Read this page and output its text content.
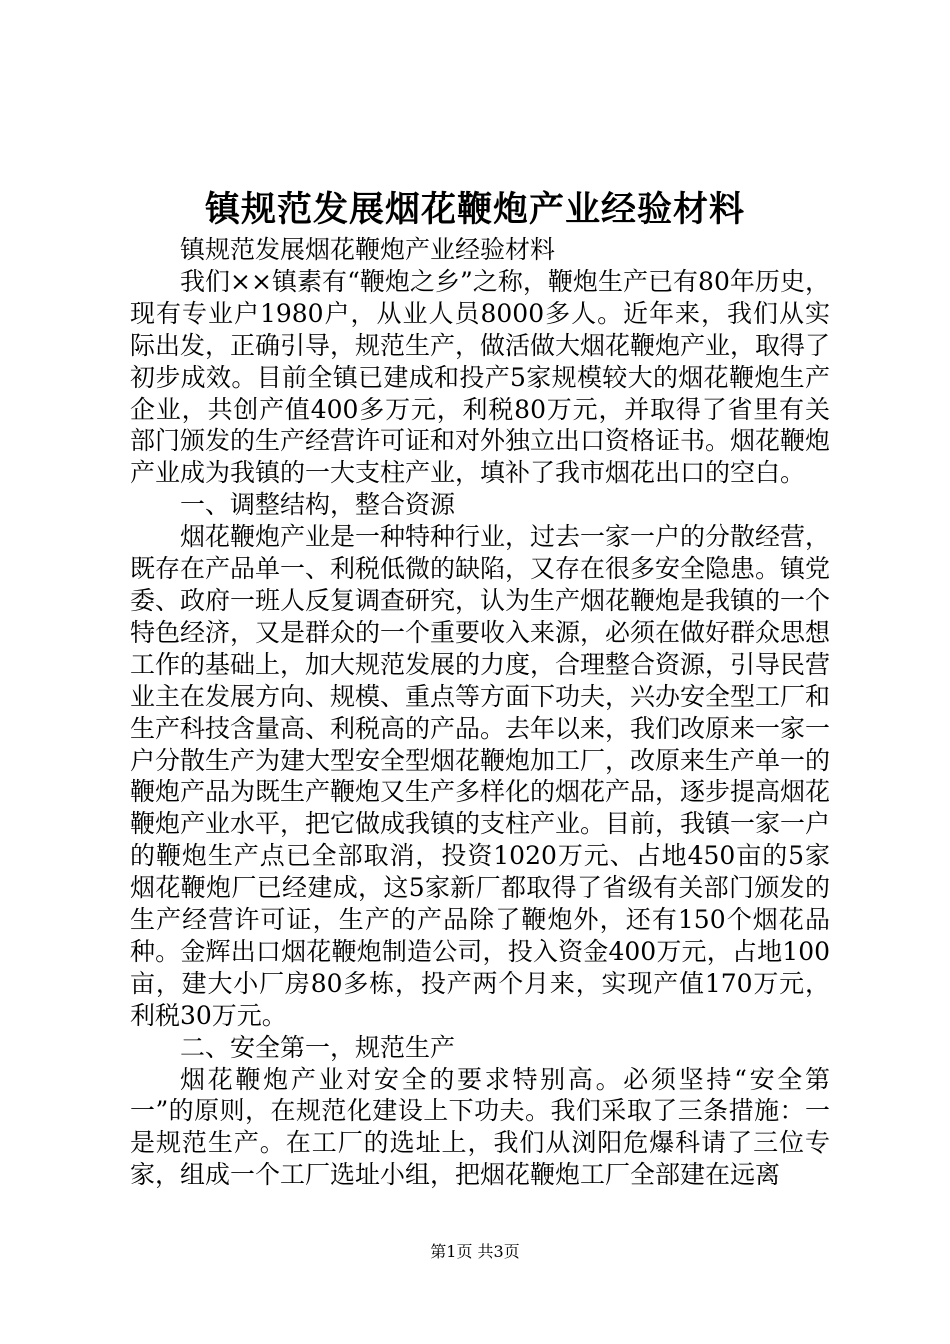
镇规范发展烟花鞭炮产业经验材料

镇规范发展烟花鞭炮产业经验材料

我们××镇素有“鞭炮之乡”之称，鞭炮生产已有80年历史，现有专业户1980户，从业人员8000多人。近年来，我们从实际出发，正确引导，规范生产，做活做大烟花鞭炮产业，取得了初步成效。目前全镇已建成和投产5家规模较大的烟花鞭炮生产企业，共创产值400多万元，利税80万元，并取得了省里有关部门颁发的生产经营许可证和对外独立出口资格证书。烟花鞭炮产业成为我镇的一大支柱产业，填补了我市烟花出口的空白。

一、调整结构，整合资源

烟花鞭炮产业是一种特种行业，过去一家一户的分散经营，既存在产品单一、利税低微的缺陷，又存在很多安全隐患。镇党委、政府一班人反复调查研究，认为生产烟花鞭炮是我镇的一个特色经济，又是群众的一个重要收入来源，必须在做好群众思想工作的基础上，加大规范发展的力度，合理整合资源，引导民营业主在发展方向、规模、重点等方面下功夫，兴办安全型工厂和生产科技含量高、利税高的产品。去年以来，我们改原来一家一户分散生产为建大型安全型烟花鞭炮加工厂，改原来生产单一的鞭炮产品为既生产鞭炮又生产多样化的烟花产品，逐步提高烟花鞭炮产业水平，把它做成我镇的支柱产业。目前，我镇一家一户的鞭炮生产点已全部取消，投资1020万元、占地450亩的5家烟花鞭炮厂已经建成，这5家新厂都取得了省级有关部门颁发的生产经营许可证，生产的产品除了鞭炮外，还有150个烟花品种。金辉出口烟花鞭炮制造公司，投入资金400万元，占地100亩，建大小厂房80多栋，投产两个月来，实现产值170万元，利税30万元。

二、安全第一，规范生产

烟花鞭炮产业对安全的要求特别高。必须坚持“安全第一”的原则，在规范化建设上下功夫。我们采取了三条措施：一是规范生产。在工厂的选址上，我们从浏阳危爆科请了三位专家，组成一个工厂选址小组，把烟花鞭炮工厂全部建在远离

第1页 共3页
